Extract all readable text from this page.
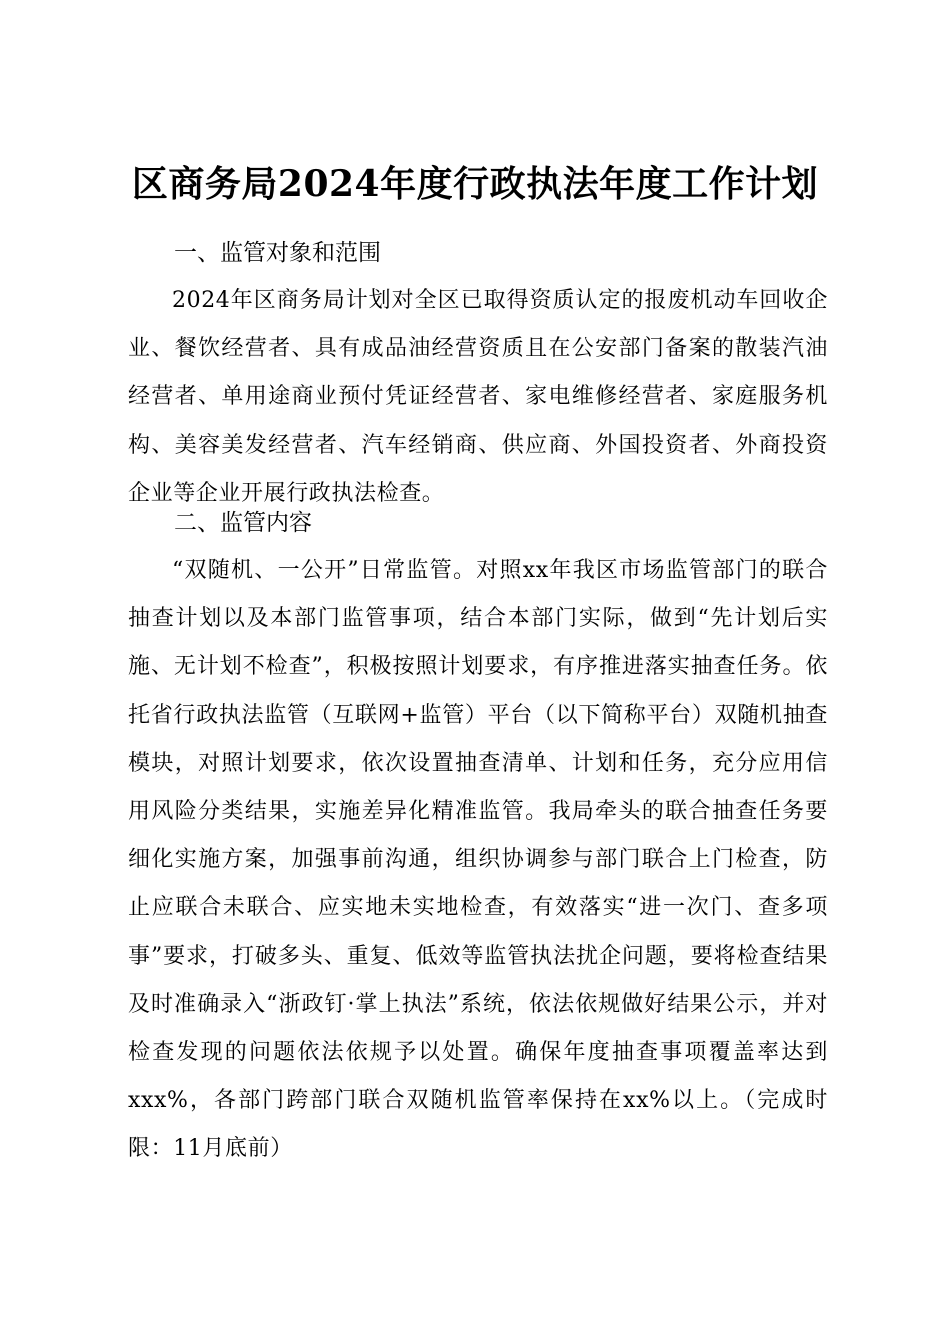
区商务局2024年度行政执法年度工作计划
一、监管对象和范围

2024年区商务局计划对全区已取得资质认定的报废机动车回收企业、餐饮经营者、具有成品油经营资质且在公安部门备案的散装汽油经营者、单用途商业预付凭证经营者、家电维修经营者、家庭服务机构、美容美发经营者、汽车经销商、供应商、外国投资者、外商投资企业等企业开展行政执法检查。

二、监管内容

“双随机、一公开”日常监管。对照xx年我区市场监管部门的联合抽查计划以及本部门监管事项，结合本部门实际，做到“先计划后实施、无计划不检查”，积极按照计划要求，有序推进落实抽查任务。依托省行政执法监管（互联网+监管）平台（以下简称平台）双随机抽查模块，对照计划要求，依次设置抽查清单、计划和任务，充分应用信用风险分类结果，实施差异化精准监管。我局牵头的联合抽查任务要细化实施方案，加强事前沟通，组织协调参与部门联合上门检查，防止应联合未联合、应实地未实地检查，有效落实“进一次门、查多项事”要求，打破多头、重复、低效等监管执法扰企问题，要将检查结果及时准确录入“浙政钉·掌上执法”系统，依法依规做好结果公示，并对检查发现的问题依法依规予以处置。确保年度抽查事项覆盖率达到xxx%，各部门跨部门联合双随机监管率保持在xx%以上。（完成时限：11月底前）
